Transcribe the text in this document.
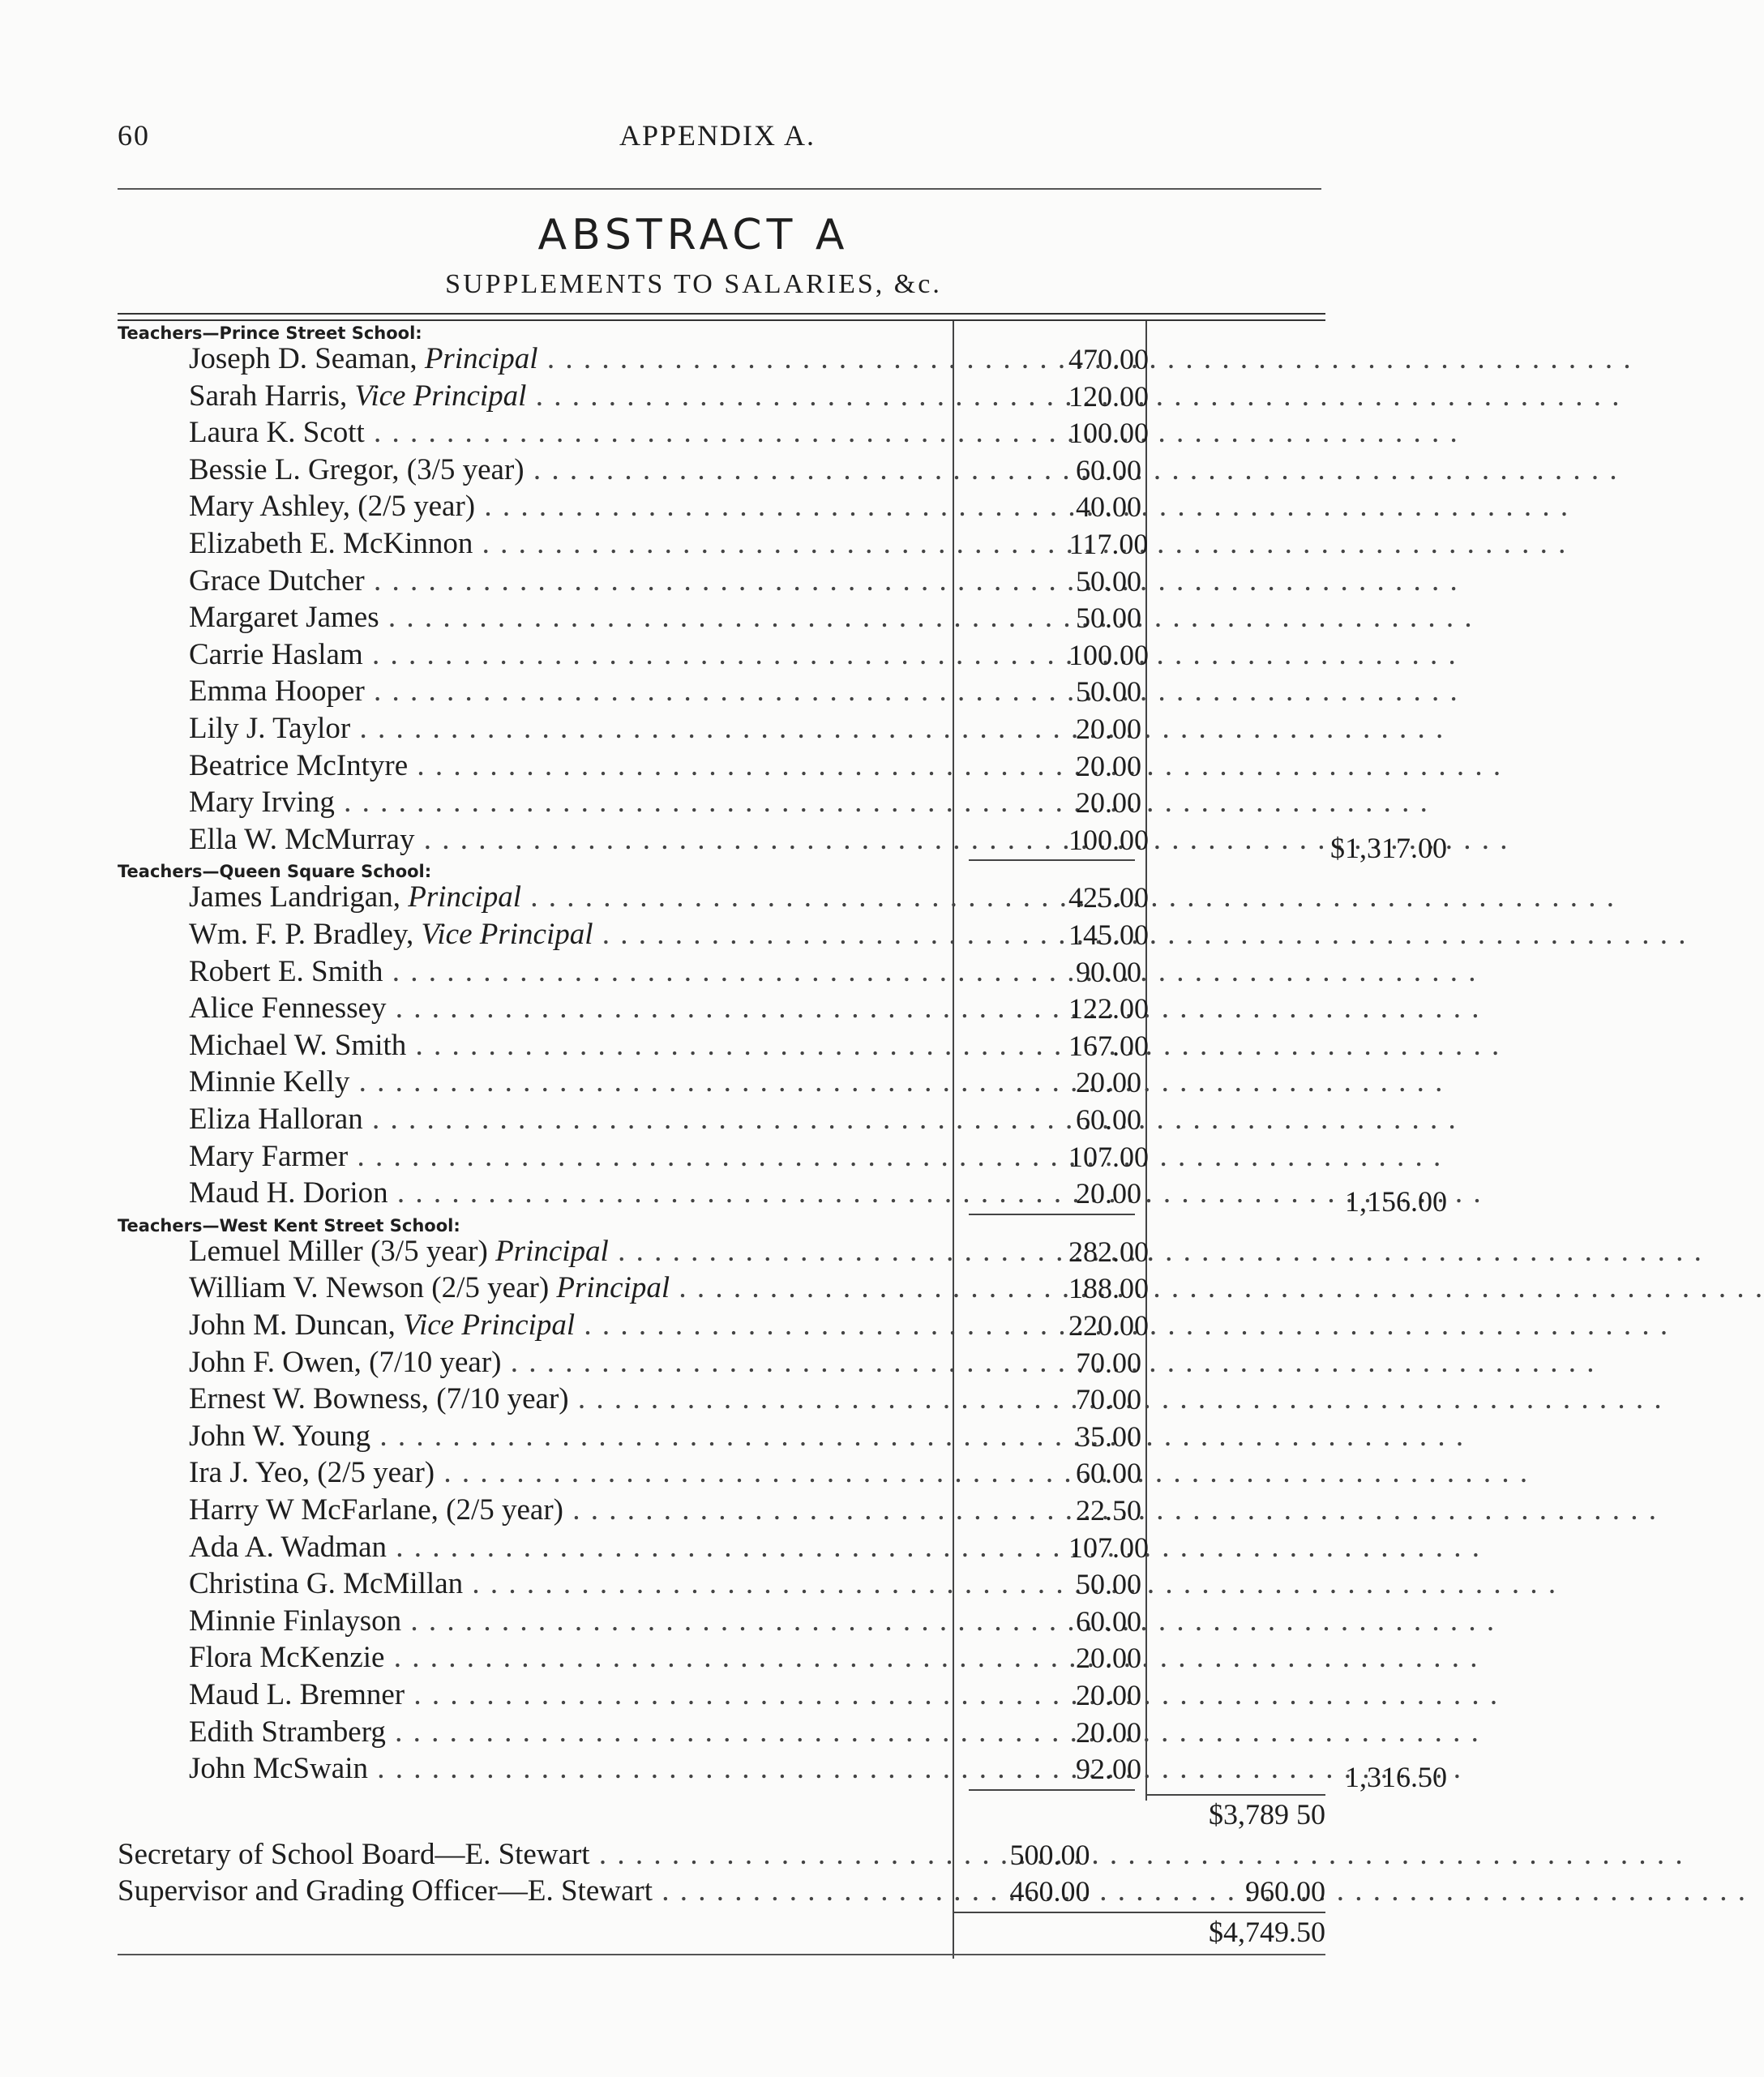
60	APPENDIX A.
ABSTRACT A
SUPPLEMENTS TO SALARIES, &c.
Teachers—Prince Street School:
Joseph D. Seaman, Principal . . .	470.00
Sarah Harris, Vice Principal . . .	120.00
Laura K. Scott . . .	100.00
Bessie L. Gregor, (3/5 year) . . .	60.00
Mary Ashley, (2/5 year) . . .	40.00
Elizabeth E. McKinnon . . .	117.00
Grace Dutcher . . .	50.00
Margaret James . . .	50.00
Carrie Haslam . . .	100.00
Emma Hooper . . .	50.00
Lily J. Taylor . . .	20.00
Beatrice McIntyre . . .	20.00
Mary Irving . . .	20.00
Ella W. McMurray . . .	100.00	$1,317.00
Teachers—Queen Square School:
James Landrigan, Principal . . .	425.00
Wm. F. P. Bradley, Vice Principal . . .	145.00
Robert E. Smith . . .	90.00
Alice Fennessey . . .	122.00
Michael W. Smith . . .	167.00
Minnie Kelly . . .	20.00
Eliza Halloran . . .	60.00
Mary Farmer . . .	107.00
Maud H. Dorion . . .	20.00	1,156.00
Teachers—West Kent Street School:
Lemuel Miller (3/5 year) Principal . . .	282.00
William V. Newson (2/5 year) Principal . . .	188.00
John M. Duncan, Vice Principal . . .	220.00
John F. Owen, (7/10 year) . . .	70.00
Ernest W. Bowness, (7/10 year) . . .	70.00
John W. Young . . .	35.00
Ira J. Yeo, (2/5 year) . . .	60.00
Harry W McFarlane, (2/5 year) . . .	22.50
Ada A. Wadman . . .	107.00
Christina G. McMillan . . .	50.00
Minnie Finlayson . . .	60.00
Flora McKenzie . . .	20.00
Maud L. Bremner . . .	20.00
Edith Stramberg . . .	20.00
John McSwain . . .	92.00	1,316.50
$3,789 50
Secretary of School Board—E. Stewart . . .	500.00
Supervisor and Grading Officer—E. Stewart . . .	460.00	960.00
$4,749.50
